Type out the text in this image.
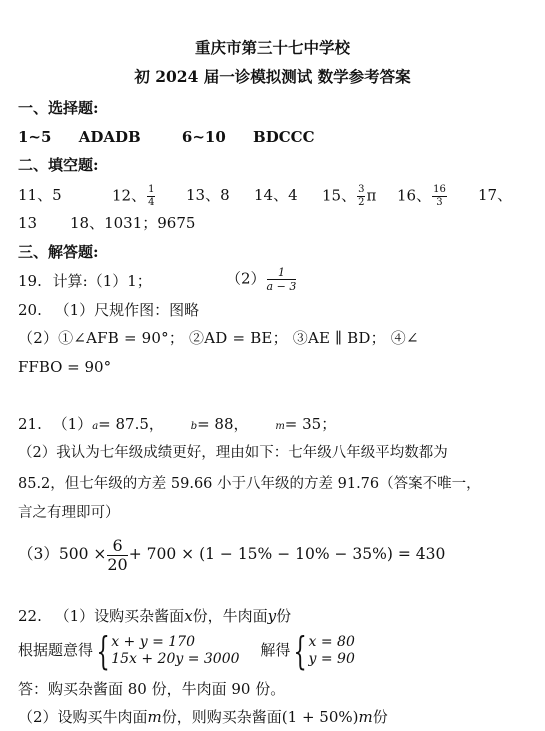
重庆市第三十七中学校
初 2024 届一诊模拟测试 数学参考答案
一、选择题:
1~5 ADADB	6~10 BDCCC
二、填空题:
11、5	12、 $\frac{1}{4} 13$、8 14、4 15、 $\frac{3}{2}$ π 16、 $\frac{16}{3} 17$、
13 18、1031；9675
三、解答题:
19. 计算:（1）1；	$(2) \frac{1}{a - 3}$
20. （1）尺规作图：图略
（2）①∠AFB = 90°； ②AD = BE； ③AE ∥ BD； ④∠
FFBO = 90°
21. （1）a= 87.5，	b= 88，	m= 35；
（2）我认为七年级成绩更好，理由如下：七年级八年级平均数都为
85.2，但七年级的方差 59.66 小于八年级的方差 91.76（答案不唯一，
言之有理即可）
$(3)500 \times \frac{6}{20} + 700 \times (1 - 15\% - 10\% - 35\%) = 430$
22. （1）设购买杂酱面x份，牛肉面y份
根据题意得{ x + y = 170
15x + 20y = 3000 解得{ x = 80
y = 90
答：购买杂酱面 80 份，牛肉面 90 份。
（2）设购买牛肉面m份，则购买杂酱面(1 + 50%)m份
